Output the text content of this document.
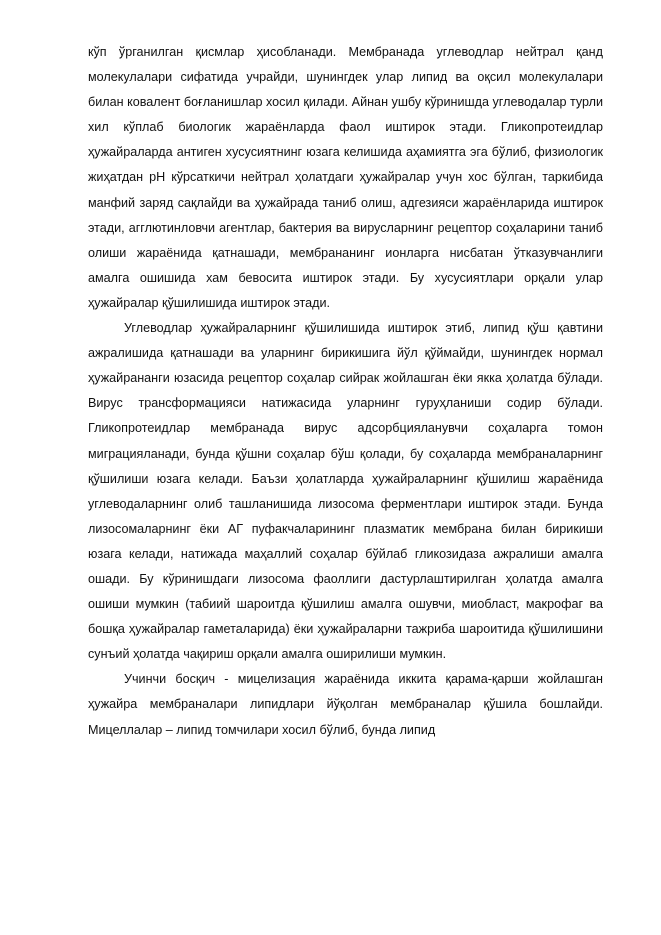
кўп ўрганилган қисмлар ҳисобланади. Мембранада углеводлар нейтрал қанд молекулалари сифатида учрайди, шунингдек улар липид ва оқсил молекулалари билан ковалент боғланишлар хосил қилади. Айнан ушбу кўринишда углеводалар турли хил кўплаб биологик жараёнларда фаол иштирок этади. Гликопротеидлар ҳужайраларда антиген хусусиятнинг юзага келишида аҳамиятга эга бўлиб, физиологик жиҳатдан рН кўрсаткичи нейтрал ҳолатдаги ҳужайралар учун хос бўлган, таркибида манфий заряд сақлайди ва ҳужайрада таниб олиш, адгезияси жараёнларида иштирок этади, агглютинловчи агентлар, бактерия ва вирусларнинг рецептор соҳаларини таниб олиши жараёнида қатнашади, мембрананинг ионларга нисбатан ўтказувчанлиги амалга ошишида хам бевосита иштирок этади. Бу хусусиятлари орқали улар ҳужайралар қўшилишида иштирок этади.

Углеводлар ҳужайраларнинг қўшилишида иштирок этиб, липид қўш қавтини ажралишида қатнашади ва уларнинг бирикишига йўл қўймайди, шунингдек нормал ҳужайрананги юзасида рецептор соҳалар сийрак жойлашган ёки якка ҳолатда бўлади. Вирус трансформацияси натижасида уларнинг гуруҳланиши содир бўлади. Гликопротеидлар мембранада вирус адсорбцияланувчи соҳаларга томон миграцияланади, бунда қўшни соҳалар бўш қолади, бу соҳаларда мембраналарнинг қўшилиши юзага келади. Баъзи ҳолатларда ҳужайраларнинг қўшилиш жараёнида углеводаларнинг олиб ташланишида лизосома ферментлари иштирок этади. Бунда лизосомаларнинг ёки АГ пуфакчаларининг плазматик мембрана билан бирикиши юзага келади, натижада маҳаллий соҳалар бўйлаб гликозидаза ажралиши амалга ошади. Бу кўринишдаги лизосома фаоллиги дастурлаштирилган ҳолатда амалга ошиши мумкин (табиий шароитда қўшилиш амалга ошувчи, миобласт, макрофаг ва бошқа ҳужайралар гаметаларида) ёки ҳужайраларни тажриба шароитида қўшилишини сунъий ҳолатда чақириш орқали амалга оширилиши мумкин.

Учинчи босқич - мицелизация жараёнида иккита қарама-қарши жойлашган ҳужайра мембраналари липидлари йўқолган мембраналар қўшила бошлайди. Мицеллалар – липид томчилари хосил бўлиб, бунда липид
